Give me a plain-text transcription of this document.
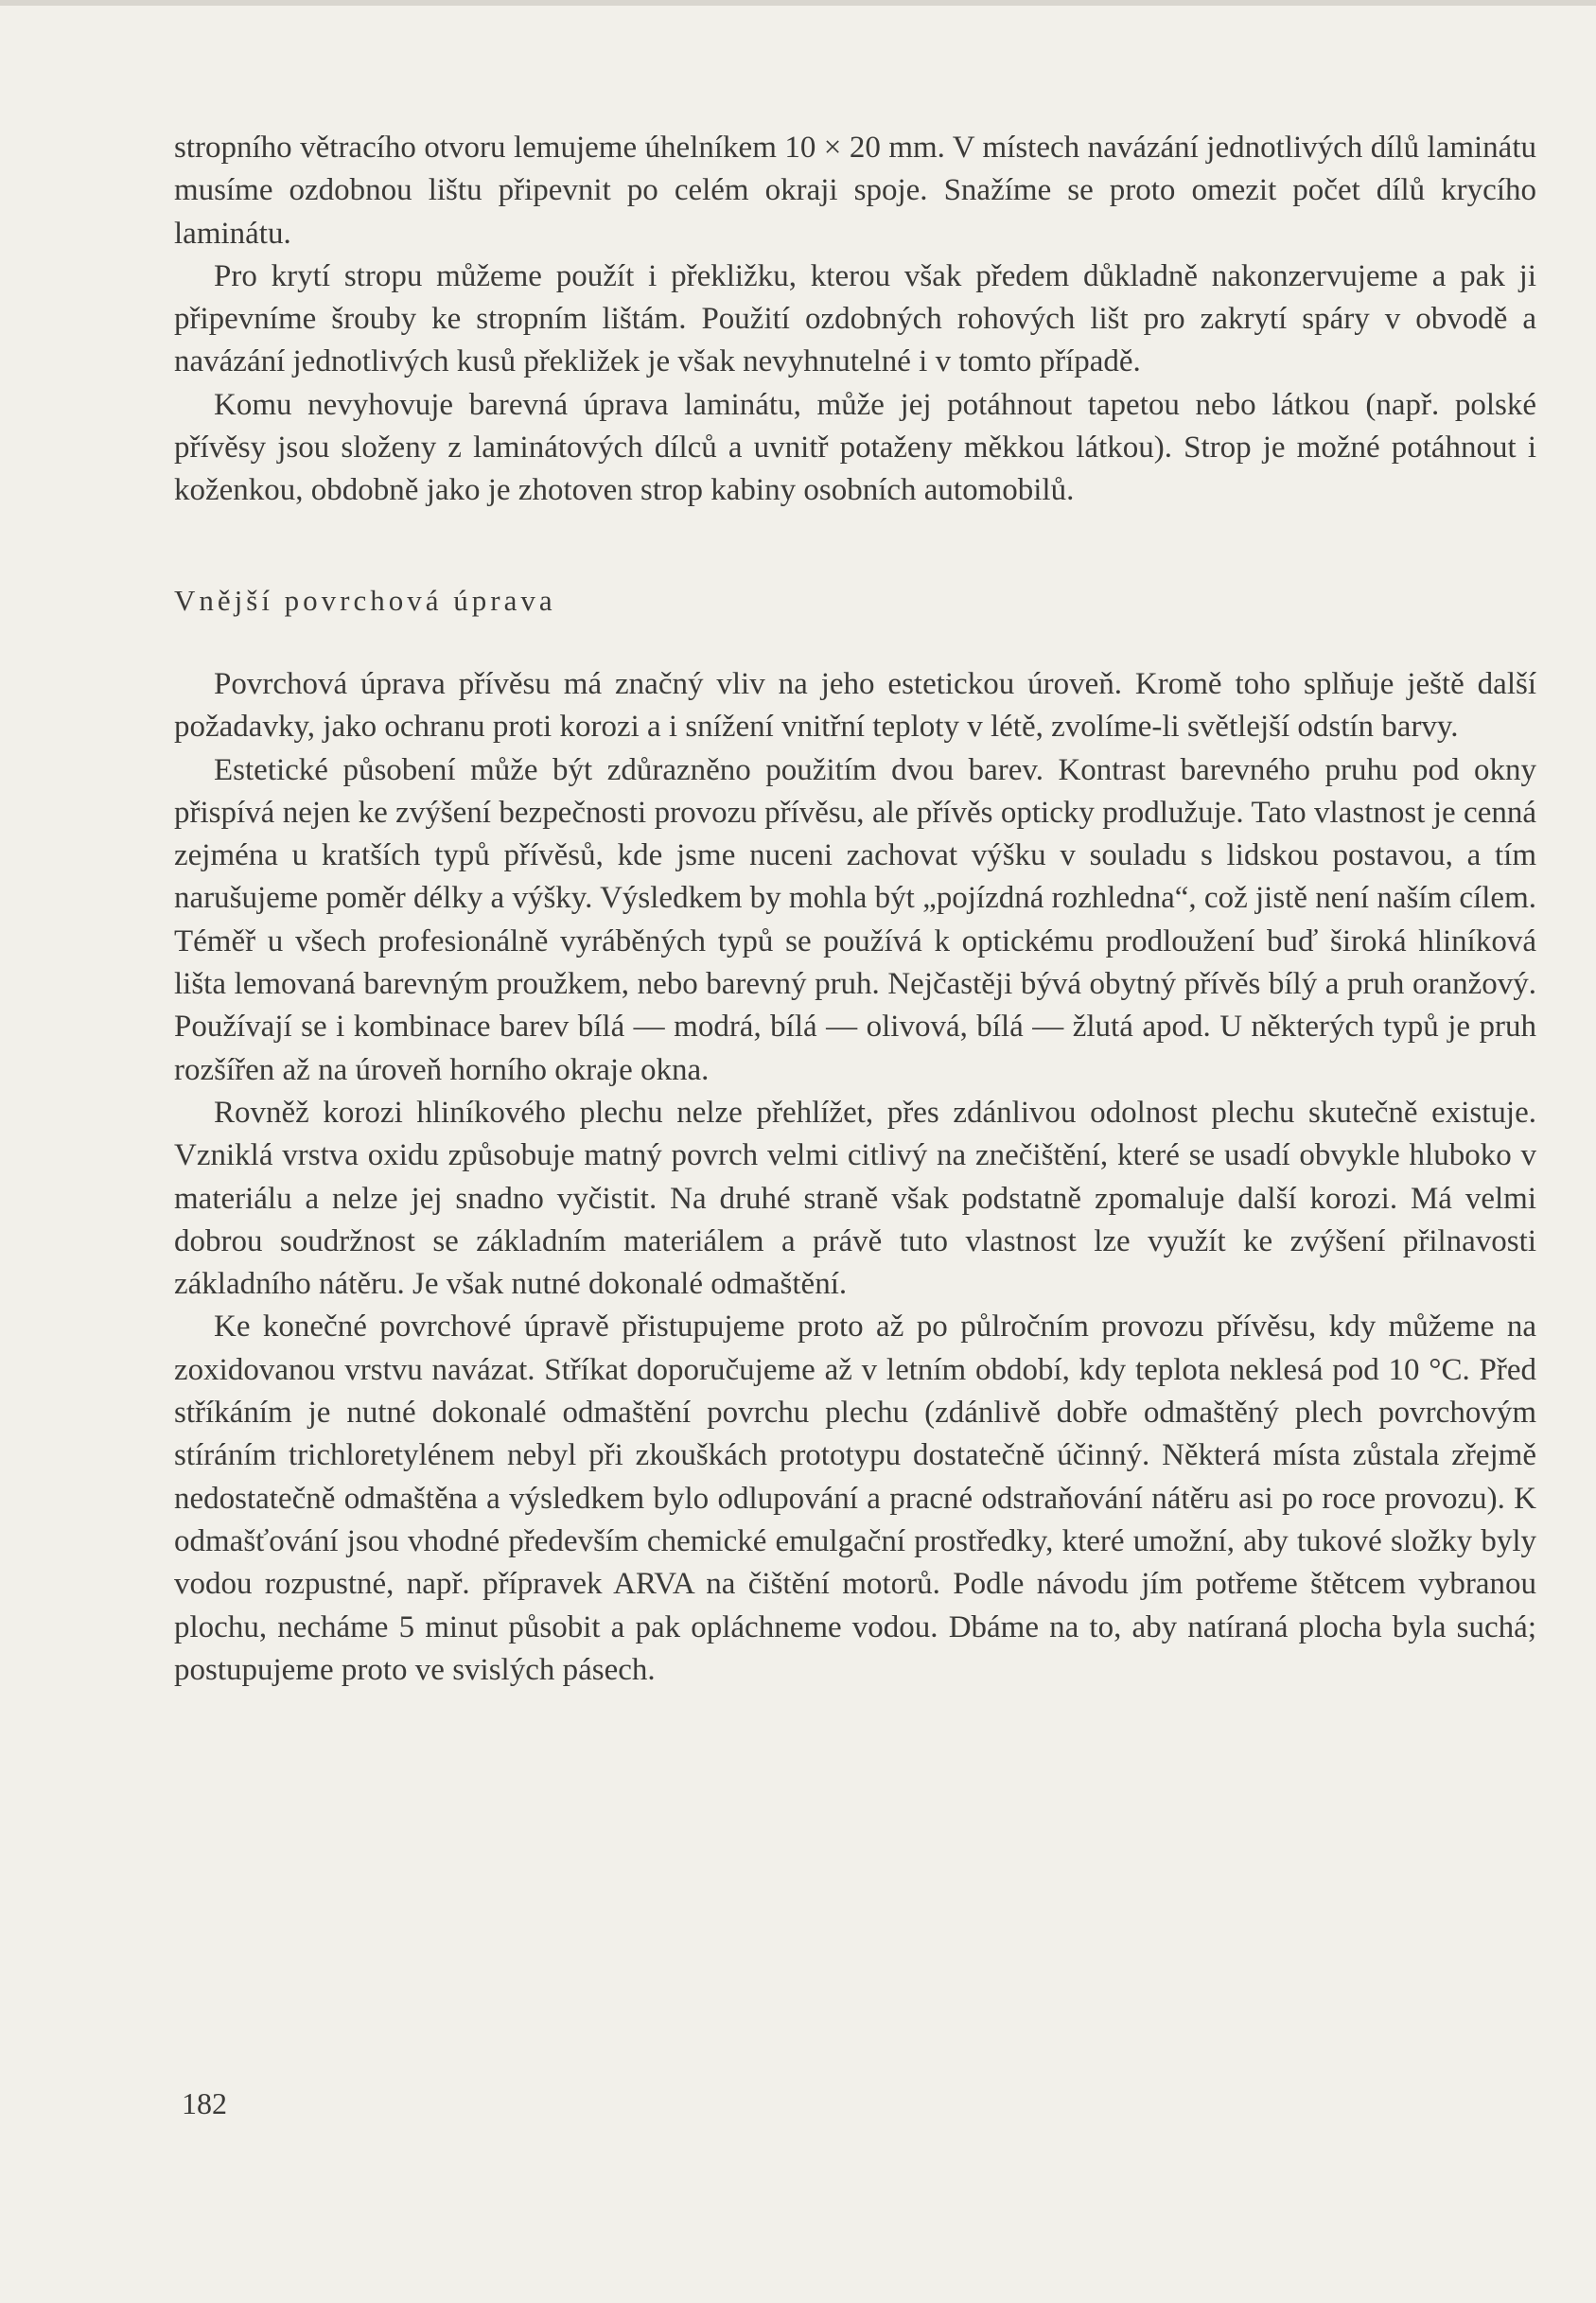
stropního větracího otvoru lemujeme úhelníkem 10 × 20 mm. V místech navázání jednotlivých dílů laminátu musíme ozdobnou lištu připevnit po celém okraji spoje. Snažíme se proto omezit počet dílů krycího laminátu.

Pro krytí stropu můžeme použít i překližku, kterou však předem důkladně nakonzervujeme a pak ji připevníme šrouby ke stropním lištám. Použití ozdobných rohových lišt pro zakrytí spáry v obvodě a navázání jednotlivých kusů překližek je však nevyhnutelné i v tomto případě.

Komu nevyhovuje barevná úprava laminátu, může jej potáhnout tapetou nebo látkou (např. polské přívěsy jsou složeny z laminátových dílců a uvnitř potaženy měkkou látkou). Strop je možné potáhnout i koženkou, obdobně jako je zhotoven strop kabiny osobních automobilů.

Vnější povrchová úprava

Povrchová úprava přívěsu má značný vliv na jeho estetickou úroveň. Kromě toho splňuje ještě další požadavky, jako ochranu proti korozi a i snížení vnitřní teploty v létě, zvolíme-li světlejší odstín barvy.

Estetické působení může být zdůrazněno použitím dvou barev. Kontrast barevného pruhu pod okny přispívá nejen ke zvýšení bezpečnosti provozu přívěsu, ale přívěs opticky prodlužuje. Tato vlastnost je cenná zejména u kratších typů přívěsů, kde jsme nuceni zachovat výšku v souladu s lidskou postavou, a tím narušujeme poměr délky a výšky. Výsledkem by mohla být „pojízdná rozhledna“, což jistě není naším cílem. Téměř u všech profesionálně vyráběných typů se používá k optickému prodloužení buď široká hliníková lišta lemovaná barevným proužkem, nebo barevný pruh. Nejčastěji bývá obytný přívěs bílý a pruh oranžový. Používají se i kombinace barev bílá — modrá, bílá — olivová, bílá — žlutá apod. U některých typů je pruh rozšířen až na úroveň horního okraje okna.

Rovněž korozi hliníkového plechu nelze přehlížet, přes zdánlivou odolnost plechu skutečně existuje. Vzniklá vrstva oxidu způsobuje matný povrch velmi citlivý na znečištění, které se usadí obvykle hluboko v materiálu a nelze jej snadno vyčistit. Na druhé straně však podstatně zpomaluje další korozi. Má velmi dobrou soudržnost se základním materiálem a právě tuto vlastnost lze využít ke zvýšení přilnavosti základního nátěru. Je však nutné dokonalé odmaštění.

Ke konečné povrchové úpravě přistupujeme proto až po půlročním provozu přívěsu, kdy můžeme na zoxidovanou vrstvu navázat. Stříkat doporučujeme až v letním období, kdy teplota neklesá pod 10 °C. Před stříkáním je nutné dokonalé odmaštění povrchu plechu (zdánlivě dobře odmaštěný plech povrchovým stíráním trichloretylénem nebyl při zkouškách prototypu dostatečně účinný. Některá místa zůstala zřejmě nedostatečně odmaštěna a výsledkem bylo odlupování a pracné odstraňování nátěru asi po roce provozu). K odmašťování jsou vhodné především chemické emulgační prostředky, které umožní, aby tukové složky byly vodou rozpustné, např. přípravek ARVA na čištění motorů. Podle návodu jím potřeme štětcem vybranou plochu, necháme 5 minut působit a pak opláchneme vodou. Dbáme na to, aby natíraná plocha byla suchá; postupujeme proto ve svislých pásech.

182
